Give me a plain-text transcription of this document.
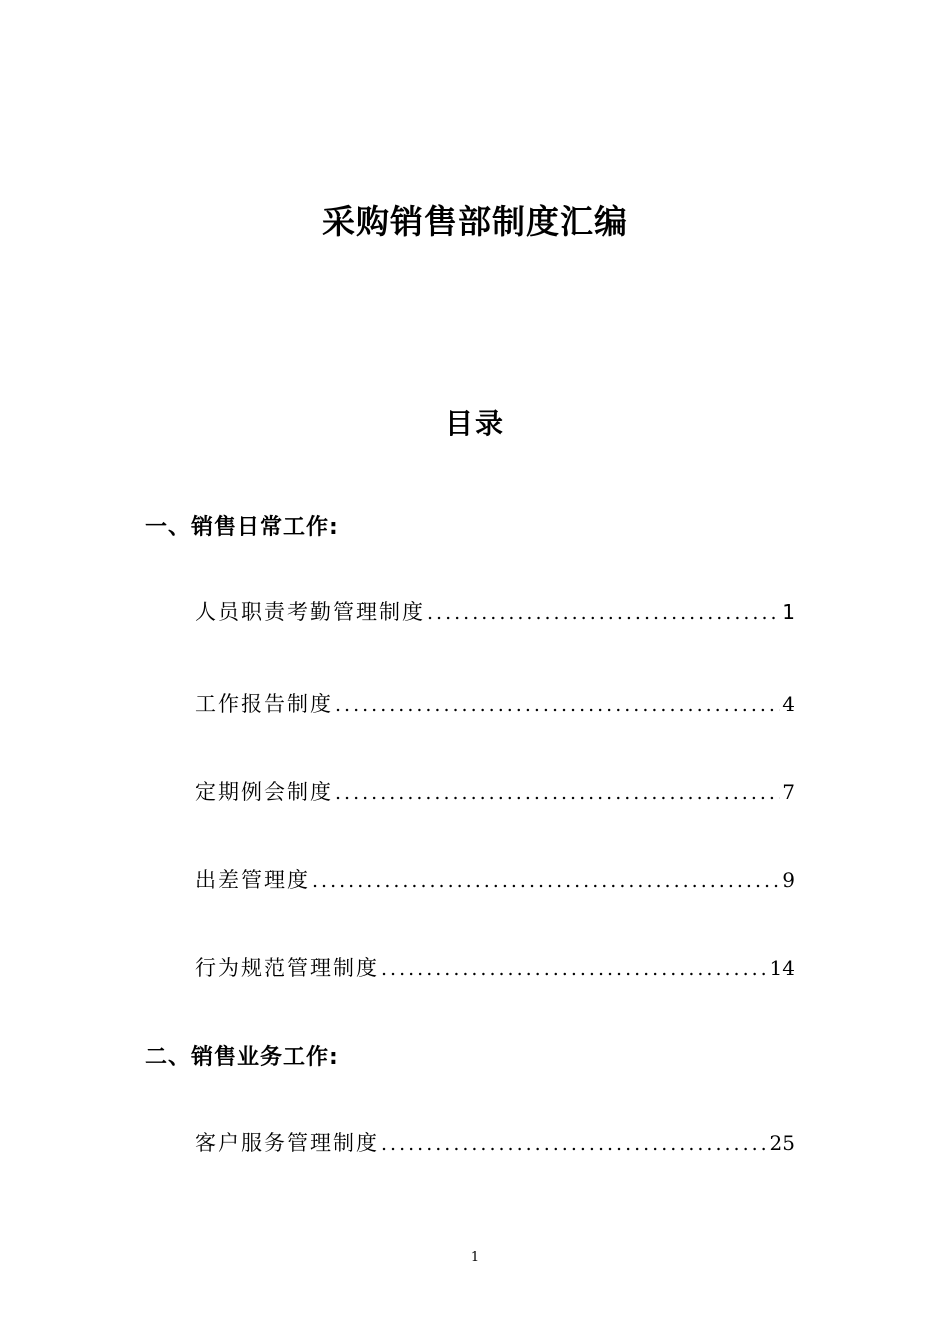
采购销售部制度汇编
目录
一、销售日常工作:
人员职责考勤管理制度 .....	1
工作报告制度 .....	4
定期例会制度 .....	7
出差管理度 .....	9
行为规范管理制度 .....	14
二、销售业务工作:
客户服务管理制度 .....	25
1
